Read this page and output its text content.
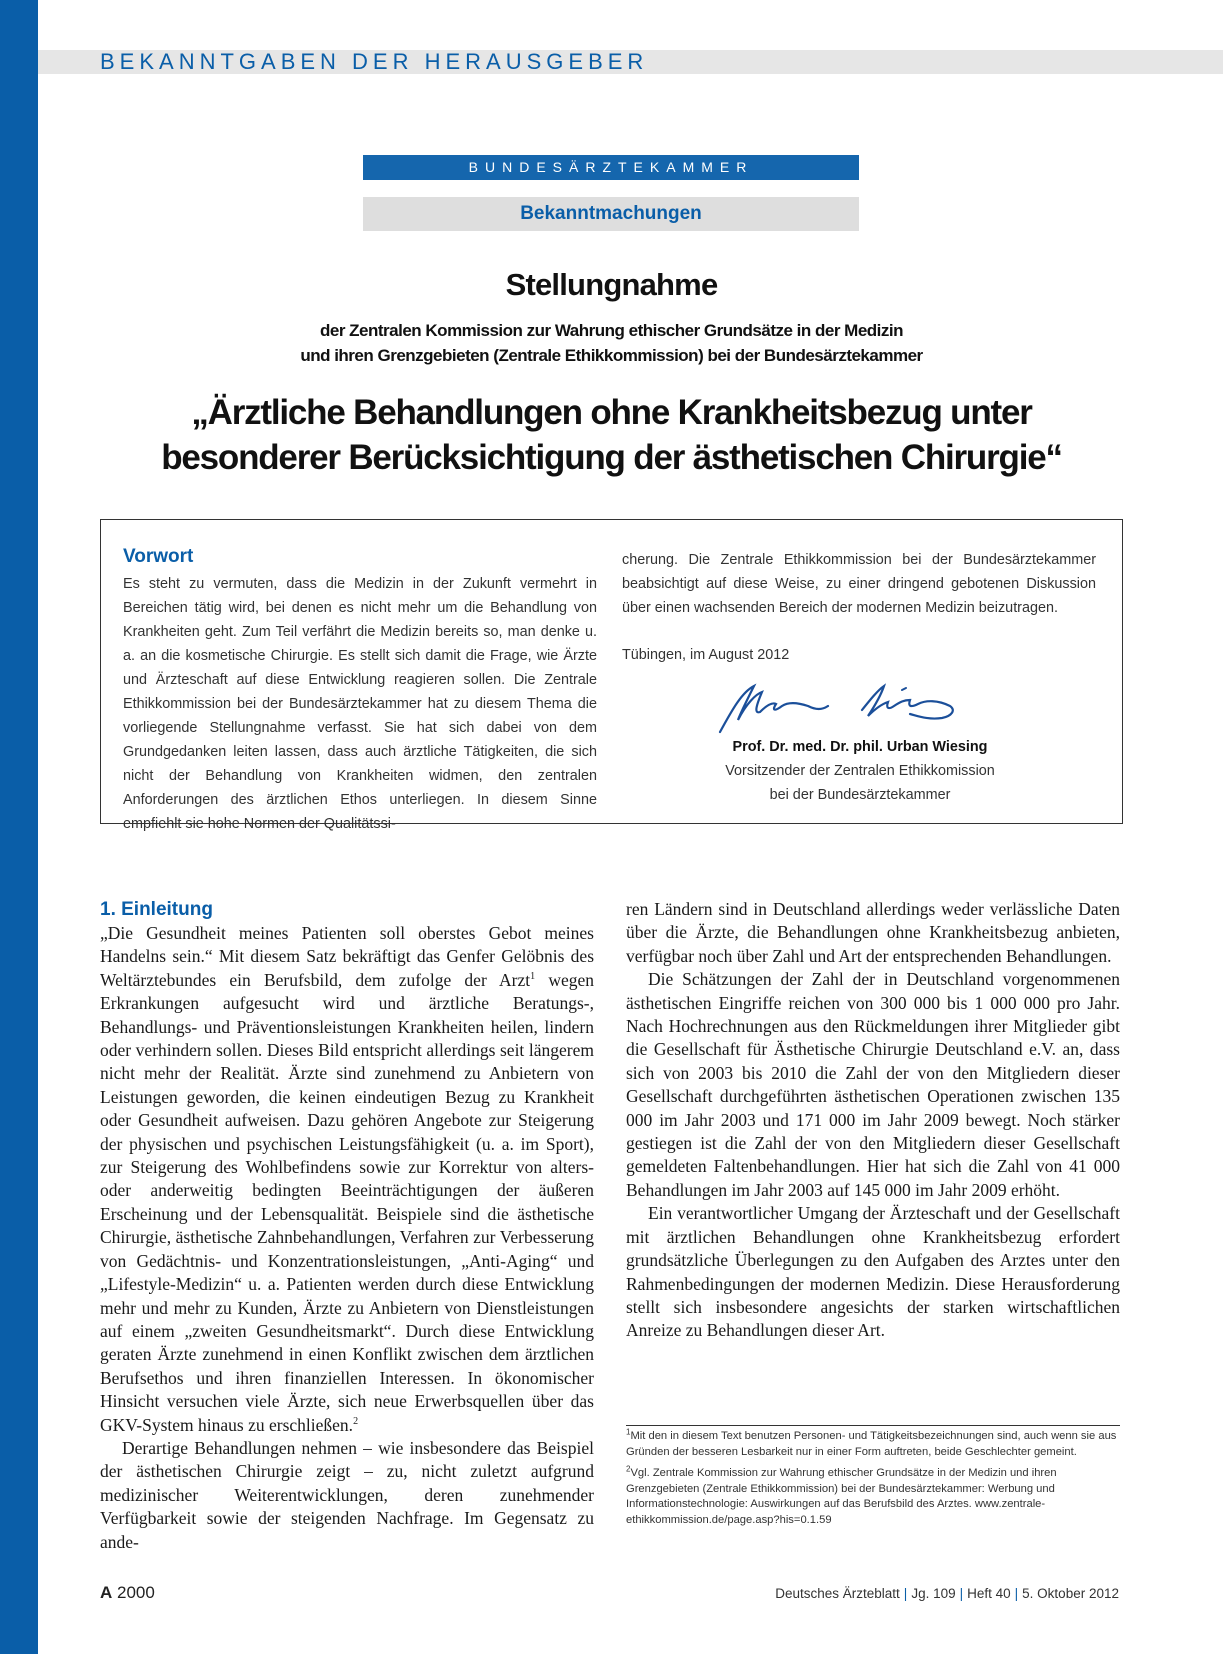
BEKANNTGABEN DER HERAUSGEBER
BUNDESÄRZTEKAMMER
Bekanntmachungen
Stellungnahme
der Zentralen Kommission zur Wahrung ethischer Grundsätze in der Medizin
und ihren Grenzgebieten (Zentrale Ethikkommission) bei der Bundesärztekammer
„Ärztliche Behandlungen ohne Krankheitsbezug unter
besonderer Berücksichtigung der ästhetischen Chirurgie“
Vorwort

Es steht zu vermuten, dass die Medizin in der Zukunft vermehrt in Bereichen tätig wird, bei denen es nicht mehr um die Behandlung von Krankheiten geht. Zum Teil verfährt die Medizin bereits so, man denke u. a. an die kosmetische Chirurgie. Es stellt sich damit die Frage, wie Ärzte und Ärzteschaft auf diese Entwicklung reagieren sollen. Die Zentrale Ethikkommission bei der Bundesärztekammer hat zu diesem Thema die vorliegende Stellungnahme verfasst. Sie hat sich dabei von dem Grundgedanken leiten lassen, dass auch ärztliche Tätigkeiten, die sich nicht der Behandlung von Krankheiten widmen, den zentralen Anforderungen des ärztlichen Ethos unterliegen. In diesem Sinne empfiehlt sie hohe Normen der Qualitätssi-

cherung. Die Zentrale Ethikkommission bei der Bundesärztekammer beabsichtigt auf diese Weise, zu einer dringend gebotenen Diskussion über einen wachsenden Bereich der modernen Medizin beizutragen.

Tübingen, im August 2012

Prof. Dr. med. Dr. phil. Urban Wiesing
Vorsitzender der Zentralen Ethikkomission
bei der Bundesärztekammer
1. Einleitung

„Die Gesundheit meines Patienten soll oberstes Gebot meines Handelns sein.“ Mit diesem Satz bekräftigt das Genfer Gelöbnis des Weltärztebundes ein Berufsbild, dem zufolge der Arzt$^1$ wegen Erkrankungen aufgesucht wird und ärztliche Beratungs-, Behandlungs- und Präventionsleistungen Krankheiten heilen, lindern oder verhindern sollen. Dieses Bild entspricht allerdings seit längerem nicht mehr der Realität. Ärzte sind zunehmend zu Anbietern von Leistungen geworden, die keinen eindeutigen Bezug zu Krankheit oder Gesundheit aufweisen. Dazu gehören Angebote zur Steigerung der physischen und psychischen Leistungsfähigkeit (u. a. im Sport), zur Steigerung des Wohlbefindens sowie zur Korrektur von alters- oder anderweitig bedingten Beeinträchtigungen der äußeren Erscheinung und der Lebensqualität. Beispiele sind die ästhetische Chirurgie, ästhetische Zahnbehandlungen, Verfahren zur Verbesserung von Gedächtnis- und Konzentrationsleistungen, „Anti-Aging“ und „Lifestyle-Medizin“ u. a. Patienten werden durch diese Entwicklung mehr und mehr zu Kunden, Ärzte zu Anbietern von Dienstleistungen auf einem „zweiten Gesundheitsmarkt“. Durch diese Entwicklung geraten Ärzte zunehmend in einen Konflikt zwischen dem ärztlichen Berufsethos und ihren finanziellen Interessen. In ökonomischer Hinsicht versuchen viele Ärzte, sich neue Erwerbsquellen über das GKV-System hinaus zu erschließen.$^2$

Derartige Behandlungen nehmen – wie insbesondere das Beispiel der ästhetischen Chirurgie zeigt – zu, nicht zuletzt aufgrund medizinischer Weiterentwicklungen, deren zunehmender Verfügbarkeit sowie der steigenden Nachfrage. Im Gegensatz zu ande-

ren Ländern sind in Deutschland allerdings weder verlässliche Daten über die Ärzte, die Behandlungen ohne Krankheitsbezug anbieten, verfügbar noch über Zahl und Art der entsprechenden Behandlungen.

Die Schätzungen der Zahl der in Deutschland vorgenommenen ästhetischen Eingriffe reichen von 300 000 bis 1 000 000 pro Jahr. Nach Hochrechnungen aus den Rückmeldungen ihrer Mitglieder gibt die Gesellschaft für Ästhetische Chirurgie Deutschland e.V. an, dass sich von 2003 bis 2010 die Zahl der von den Mitgliedern dieser Gesellschaft durchgeführten ästhetischen Operationen zwischen 135 000 im Jahr 2003 und 171 000 im Jahr 2009 bewegt. Noch stärker gestiegen ist die Zahl der von den Mitgliedern dieser Gesellschaft gemeldeten Faltenbehandlungen. Hier hat sich die Zahl von 41 000 Behandlungen im Jahr 2003 auf 145 000 im Jahr 2009 erhöht.

Ein verantwortlicher Umgang der Ärzteschaft und der Gesellschaft mit ärztlichen Behandlungen ohne Krankheitsbezug erfordert grundsätzliche Überlegungen zu den Aufgaben des Arztes unter den Rahmenbedingungen der modernen Medizin. Diese Herausforderung stellt sich insbesondere angesichts der starken wirtschaftlichen Anreize zu Behandlungen dieser Art.

$^1$Mit den in diesem Text benutzen Personen- und Tätigkeitsbezeichnungen sind, auch wenn sie aus Gründen der besseren Lesbarkeit nur in einer Form auftreten, beide Geschlechter gemeint.

$^2$Vgl. Zentrale Kommission zur Wahrung ethischer Grundsätze in der Medizin und ihren Grenzgebieten (Zentrale Ethikkommission) bei der Bundesärztekammer: Werbung und Informationstechnologie: Auswirkungen auf das Berufsbild des Arztes. www.zentrale-ethikkommission.de/page.asp?his=0.1.59

A 2000	Deutsches Ärzteblatt | Jg. 109 | Heft 40 | 5. Oktober 2012
